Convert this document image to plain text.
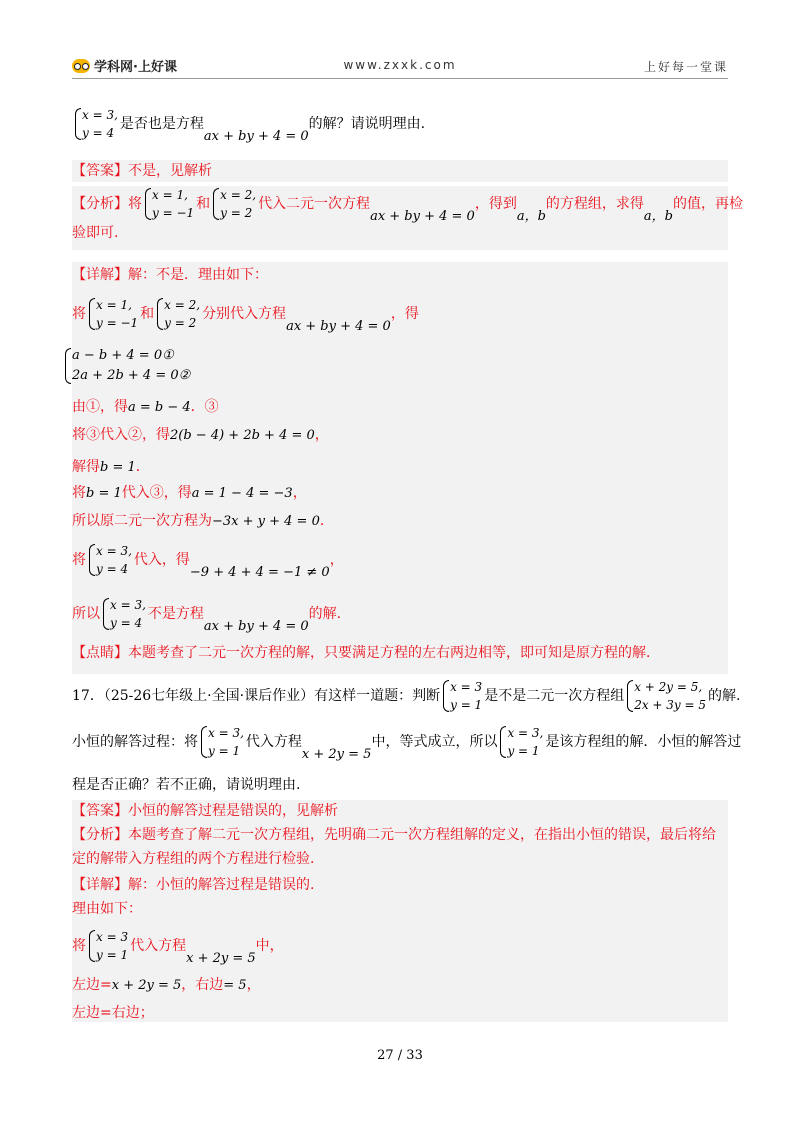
学科网·上好课	www.zxxk.com	上好每一堂课
x = 3,
y = 4
是否也是方程ax + by + 4 = 0的解？请说明理由.
【答案】不是，见解析
【分析】将
x = 1,
y = −1
和
x = 2,
y = 2
代入二元一次方程ax + by + 4 = 0，得到a，b的方程组，求得a，b的值，再检
验即可.
【详解】解：不是．理由如下：
将
x = 1,
y = −1
和
x = 2,
y = 2
分别代入方程ax + by + 4 = 0，得
a − b + 4 = 0①
2a + 2b + 4 = 0②
由①，得a = b − 4．③
将③代入②，得2(b − 4) + 2b + 4 = 0，
解得b = 1．
将b = 1代入③，得a = 1 − 4 = −3，
所以原二元一次方程为−3x + y + 4 = 0．
将
x = 3,
y = 4
代入，得−9 + 4 + 4 = −1 ≠ 0，
所以
x = 3,
y = 4
不是方程ax + by + 4 = 0的解.
【点睛】本题考查了二元一次方程的解，只要满足方程的左右两边相等，即可知是原方程的解．
17．（25-26七年级上·全国·课后作业）有这样一道题：判断
x = 3
y = 1
是不是二元一次方程组
x + 2y = 5,
2x + 3y = 5
的解.
小恒的解答过程：将
x = 3,
y = 1
代入方程x + 2y = 5中，等式成立，所以
x = 3,
y = 1
是该方程组的解．小恒的解答过
程是否正确？若不正确，请说明理由.
【答案】小恒的解答过程是错误的，见解析
【分析】本题考查了解二元一次方程组，先明确二元一次方程组解的定义，在指出小恒的错误，最后将给
定的解带入方程组的两个方程进行检验.
【详解】解：小恒的解答过程是错误的.
理由如下：
将
x = 3
y = 1
代入方程x + 2y = 5中，
左边=x + 2y = 5，右边= 5，
左边=右边；
27 / 33
